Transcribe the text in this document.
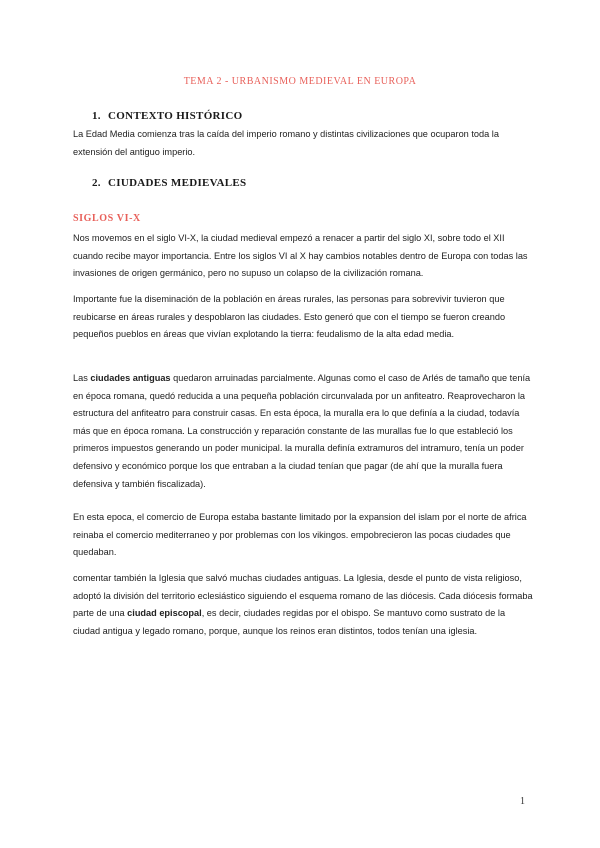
TEMA 2 - URBANISMO MEDIEVAL EN EUROPA
1. CONTEXTO HISTÓRICO
La Edad Media comienza tras la caída del imperio romano y distintas civilizaciones que ocuparon toda la extensión del antiguo imperio.
2. CIUDADES MEDIEVALES
SIGLOS VI-X
Nos movemos en el siglo VI-X, la ciudad medieval empezó a renacer a partir del siglo XI, sobre todo el XII cuando recibe mayor importancia. Entre los siglos VI al X hay cambios notables dentro de Europa con todas las invasiones de origen germánico, pero no supuso un colapso de la civilización romana.
Importante fue la diseminación de la población en áreas rurales, las personas para sobrevivir tuvieron que reubicarse en áreas rurales y despoblaron las ciudades. Esto generó que con el tiempo se fueron creando pequeños pueblos en áreas que vivían explotando la tierra: feudalismo de la alta edad media.
Las ciudades antiguas quedaron arruinadas parcialmente. Algunas como el caso de Arlés de tamaño que tenía en época romana, quedó reducida a una pequeña población circunvalada por un anfiteatro. Reaprovecharon la estructura del anfiteatro para construir casas. En esta época, la muralla era lo que definía a la ciudad, todavía más que en época romana. La construcción y reparación constante de las murallas fue lo que estableció los primeros impuestos generando un poder municipal. la muralla definía extramuros del intramuro, tenía un poder defensivo y económico porque los que entraban a la ciudad tenían que pagar (de ahí que la muralla fuera defensiva y también fiscalizada).
En esta epoca, el comercio de Europa estaba bastante limitado por la expansion del islam por el norte de africa reinaba el comercio mediterraneo y por problemas con los vikingos. empobrecieron las pocas ciudades que quedaban.
comentar también la Iglesia que salvó muchas ciudades antiguas. La Iglesia, desde el punto de vista religioso, adoptó la división del territorio eclesiástico siguiendo el esquema romano de las diócesis. Cada diócesis formaba parte de una ciudad episcopal, es decir, ciudades regidas por el obispo. Se mantuvo como sustrato de la ciudad antigua y legado romano, porque, aunque los reinos eran distintos, todos tenían una iglesia.
1
